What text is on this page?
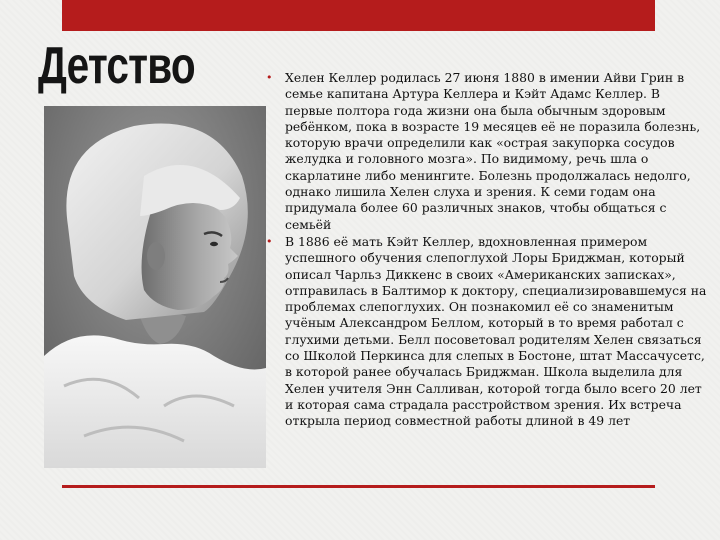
Детство	• Хелен Келлер родилась 27 июня 1880 в имении Айви Грин в семье капитана Артура Келлера и Кэйт Адамс Келлер. В первые полтора года жизни она была обычным здоровым ребёнком, пока в возрасте 19 месяцев её не поразила болезнь, которую врачи определили как «острая закупорка сосудов желудка и головного мозга». По видимому, речь шла о скарлатине либо менингите. Болезнь продолжалась недолго, однако лишила Хелен слуха и зрения. К семи годам она придумала более 60 различных знаков, чтобы общаться с семьёй
• В 1886 её мать Кэйт Келлер, вдохновленная примером успешного обучения слепоглухой Лоры Бриджман, который описал Чарльз Диккенс в своих «Американских записках», отправилась в Балтимор к доктору, специализировавшемуся на проблемах слепоглухих. Он познакомил её со знаменитым учёным Александром Беллом, который в то время работал с глухими детьми. Белл посоветовал родителям Хелен связаться со Школой Перкинса для слепых в Бостоне, штат Массачусетс, в которой ранее обучалась Бриджман. Школа выделила для Хелен учителя Энн Салливан, которой тогда было всего 20 лет и которая сама страдала расстройством зрения. Их встреча открыла период совместной работы длиной в 49 лет
